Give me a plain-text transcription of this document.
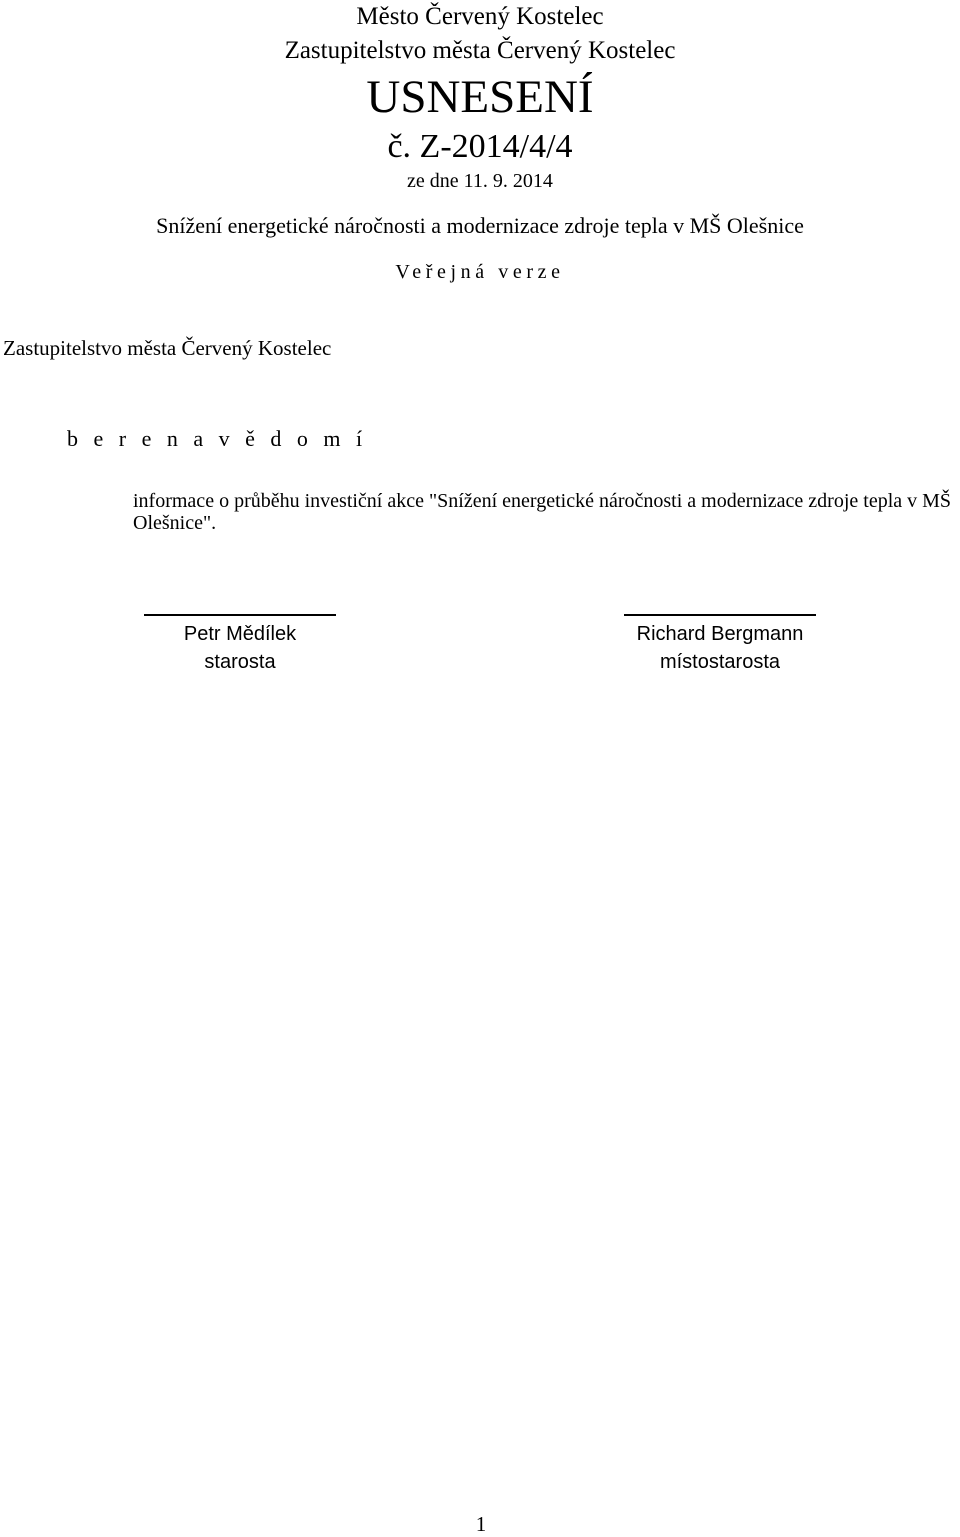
Město Červený Kostelec
Zastupitelstvo města Červený Kostelec
USNESENÍ
č. Z-2014/4/4
ze dne 11. 9. 2014
Snížení energetické náročnosti a modernizace zdroje tepla v MŠ Olešnice
Veřejná verze
Zastupitelstvo města Červený Kostelec
b e r e n a v ě d o m í
informace o průběhu investiční akce "Snížení energetické náročnosti a modernizace zdroje tepla v MŠ Olešnice".
Petr Mědílek
starosta
Richard Bergmann
místostarosta
1
